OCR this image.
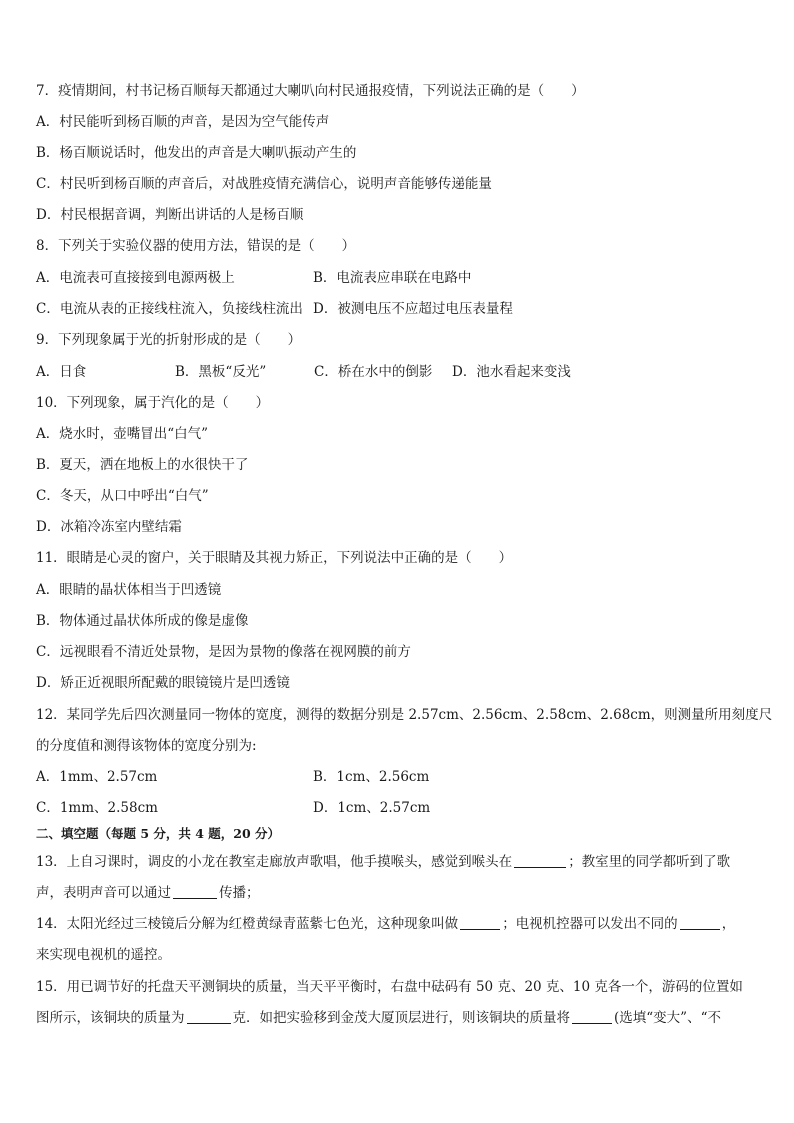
7．疫情期间，村书记杨百顺每天都通过大喇叭向村民通报疫情，下列说法正确的是（　　）
A．村民能听到杨百顺的声音，是因为空气能传声
B．杨百顺说话时，他发出的声音是大喇叭振动产生的
C．村民听到杨百顺的声音后，对战胜疫情充满信心，说明声音能够传递能量
D．村民根据音调，判断出讲话的人是杨百顺
8．下列关于实验仪器的使用方法，错误的是（　　）
A．电流表可直接接到电源两极上	B．电流表应串联在电路中
C．电流从表的正接线柱流入，负接线柱流出 D．被测电压不应超过电压表量程
9．下列现象属于光的折射形成的是（　　）
A．日食	B．黑板“反光”	C．桥在水中的倒影 D．池水看起来变浅
10．下列现象，属于汽化的是（　　）
A．烧水时，壶嘴冒出“白气”
B．夏天，洒在地板上的水很快干了
C．冬天，从口中呼出“白气”
D．冰箱冷冻室内壁结霜
11．眼睛是心灵的窗户，关于眼睛及其视力矫正，下列说法中正确的是（　　）
A．眼睛的晶状体相当于凹透镜
B．物体通过晶状体所成的像是虚像
C．远视眼看不清近处景物，是因为景物的像落在视网膜的前方
D．矫正近视眼所配戴的眼镜镜片是凹透镜
12．某同学先后四次测量同一物体的宽度，测得的数据分别是 2.57cm、2.56cm、2.58cm、2.68cm，则测量所用刻度尺
的分度值和测得该物体的宽度分别为:
A．1mm、2.57cm	B．1cm、2.56cm
C．1mm、2.58cm	D．1cm、2.57cm
二、填空题（每题 5 分，共 4 题，20 分）
13．上自习课时，调皮的小龙在教室走廊放声歌唱，他手摸喉头，感觉到喉头在	；教室里的同学都听到了歌
声，表明声音可以通过	传播；
14．太阳光经过三棱镜后分解为红橙黄绿青蓝紫七色光，这种现象叫做	；电视机控器可以发出不同的	，
来实现电视机的遥控。
15．用已调节好的托盘天平测铜块的质量，当天平平衡时，右盘中砝码有 50 克、20 克、10 克各一个，游码的位置如
图所示，该铜块的质量为	克．如把实验移到金茂大厦顶层进行，则该铜块的质量将	(选填“变大”、“不
